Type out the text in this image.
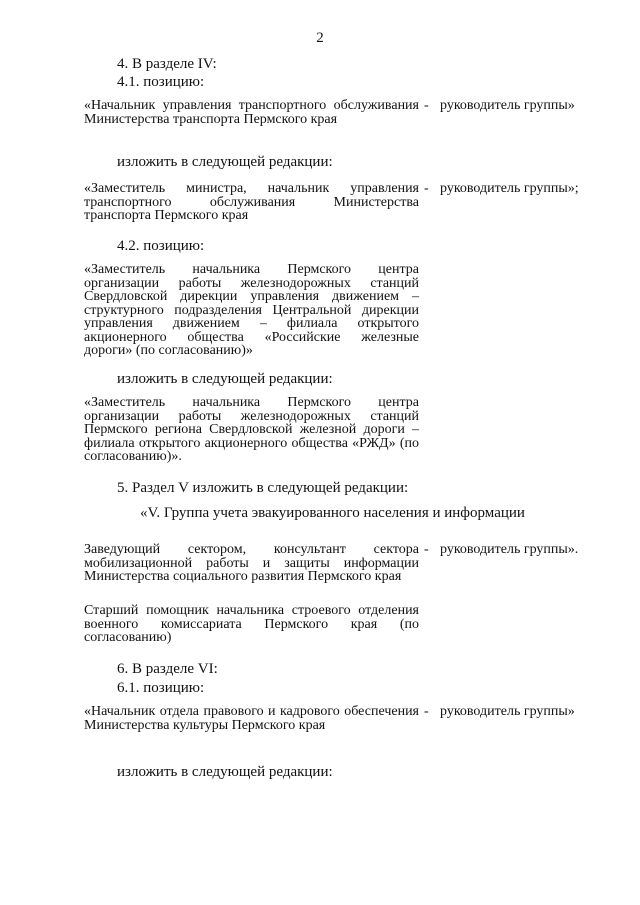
2
4. В разделе IV:
4.1. позицию:
«Начальник управления транспортного обслуживания Министерства транспорта Пермского края
- руководитель группы»
изложить в следующей редакции:
«Заместитель министра, начальник управления транспортного обслуживания Министерства транспорта Пермского края
- руководитель группы»;
4.2. позицию:
«Заместитель начальника Пермского центра организации работы железнодорожных станций Свердловской дирекции управления движением – структурного подразделения Центральной дирекции управления движением – филиала открытого акционерного общества «Российские железные дороги» (по согласованию)»
изложить в следующей редакции:
«Заместитель начальника Пермского центра организации работы железнодорожных станций Пермского региона Свердловской железной дороги – филиала открытого акционерного общества «РЖД» (по согласованию)».
5. Раздел V изложить в следующей редакции:
«V. Группа учета эвакуированного населения и информации
Заведующий сектором, консультант сектора мобилизационной работы и защиты информации Министерства социального развития Пермского края
- руководитель группы».
Старший помощник начальника строевого отделения военного комиссариата Пермского края (по согласованию)
6. В разделе VI:
6.1. позицию:
«Начальник отдела правового и кадрового обеспечения Министерства культуры Пермского края
- руководитель группы»
изложить в следующей редакции:
